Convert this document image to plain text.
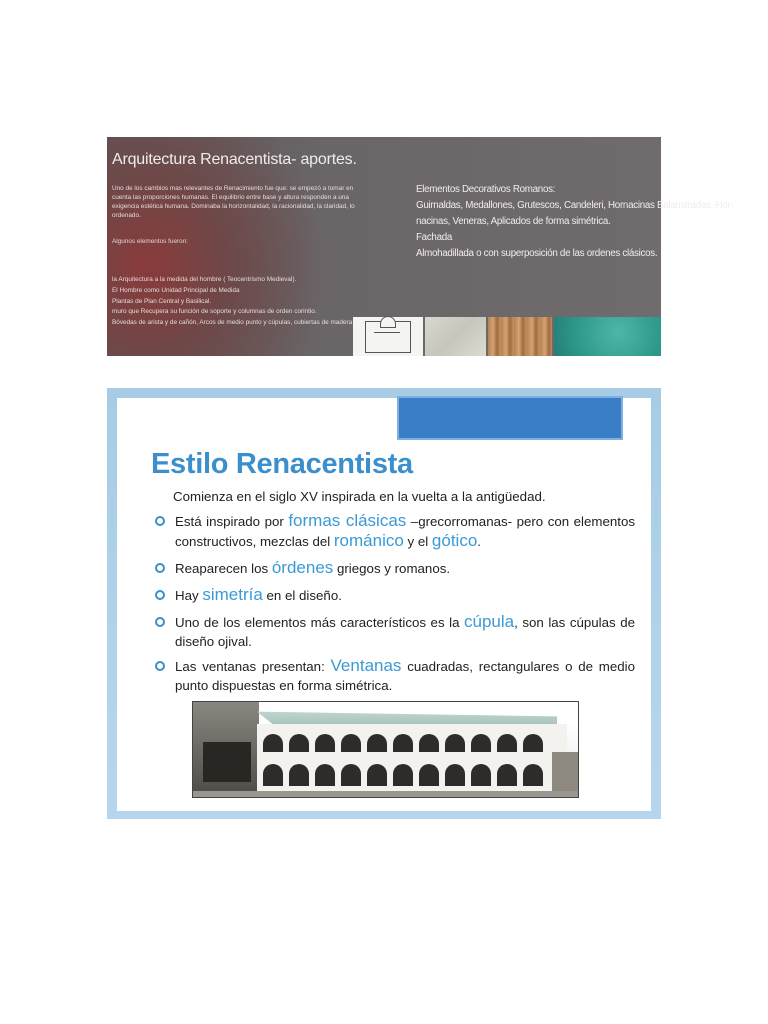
Arquitectura Renacentista- aportes.
Uno de los cambios mas relevantes de Renacimiento fue que: se empezó a tomar en cuenta las proporciones humanas. El equilibrio entre base y altura responden a una exigencia estética humana. Dominaba la horizontalidad, la racionalidad, la claridad, lo ordenado.
Algunos elementos fueron:
la Arquitectura a la medida del hombre ( Teocentrismo Medieval).
El Hombre como Unidad Principal de Medida
Plantas de Plan Central y Basilical.
muro que Recupera su función de soporte y columnas de orden corintio.
Bóvedas de arista y de cañón, Arcos de medio punto y cúpulas, cubiertas de madera
Elementos Decorativos Romanos:
Guirnaldas, Medallones, Grutescos, Candeleri, Hornacinas Balaustradas, Hor-
nacinas, Veneras, Aplicados de forma simétrica.
Fachada
Almohadillada o con superposición de las ordenes clásicos.
Estilo Renacentista
Comienza en el siglo XV inspirada en la vuelta a la antigüedad.
Está inspirado por formas clásicas –grecorromanas- pero con elementos constructivos, mezclas del románico y el gótico.
Reaparecen los órdenes griegos y romanos.
Hay simetría en el diseño.
Uno de los elementos más característicos es la cúpula, son las cúpulas de diseño ojival.
Las ventanas presentan: Ventanas cuadradas, rectangulares o de medio punto dispuestas en forma simétrica.
